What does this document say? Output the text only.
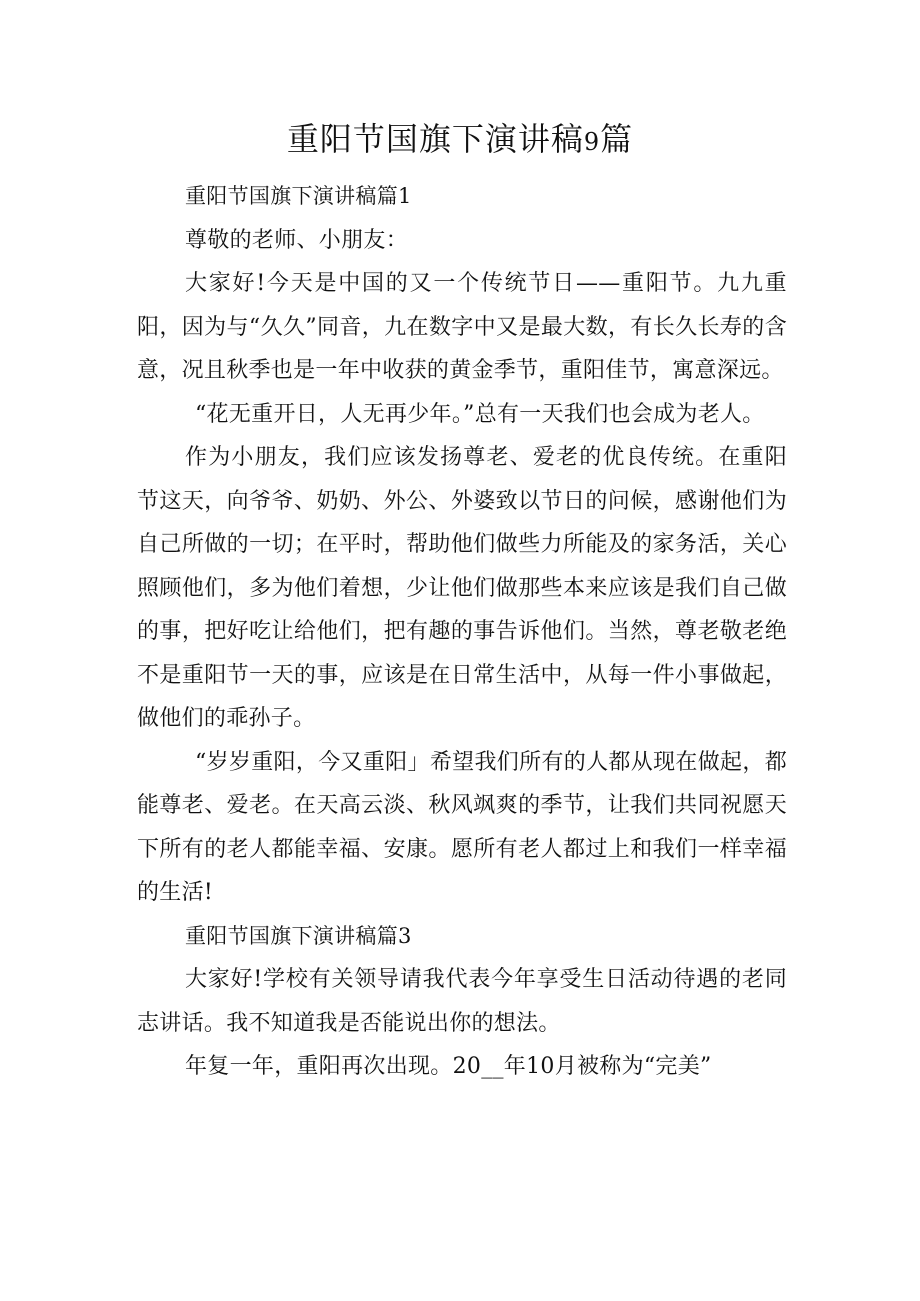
重阳节国旗下演讲稿9篇

重阳节国旗下演讲稿篇1

尊敬的老师、小朋友：

大家好!今天是中国的又一个传统节日——重阳节。九九重阳，因为与“久久”同音，九在数字中又是最大数，有长久长寿的含意，况且秋季也是一年中收获的黄金季节，重阳佳节，寓意深远。

“花无重开日，人无再少年。”总有一天我们也会成为老人。

作为小朋友，我们应该发扬尊老、爱老的优良传统。在重阳节这天，向爷爷、奶奶、外公、外婆致以节日的问候，感谢他们为自己所做的一切；在平时，帮助他们做些力所能及的家务活，关心照顾他们，多为他们着想，少让他们做那些本来应该是我们自己做的事，把好吃让给他们，把有趣的事告诉他们。当然，尊老敬老绝不是重阳节一天的事，应该是在日常生活中，从每一件小事做起，做他们的乖孙子。

“岁岁重阳，今又重阳」希望我们所有的人都从现在做起，都能尊老、爱老。在天高云淡、秋风飒爽的季节，让我们共同祝愿天下所有的老人都能幸福、安康。愿所有老人都过上和我们一样幸福的生活!

重阳节国旗下演讲稿篇3

大家好!学校有关领导请我代表今年享受生日活动待遇的老同志讲话。我不知道我是否能说出你的想法。

年复一年，重阳再次出现。20__年10月被称为“完美”
